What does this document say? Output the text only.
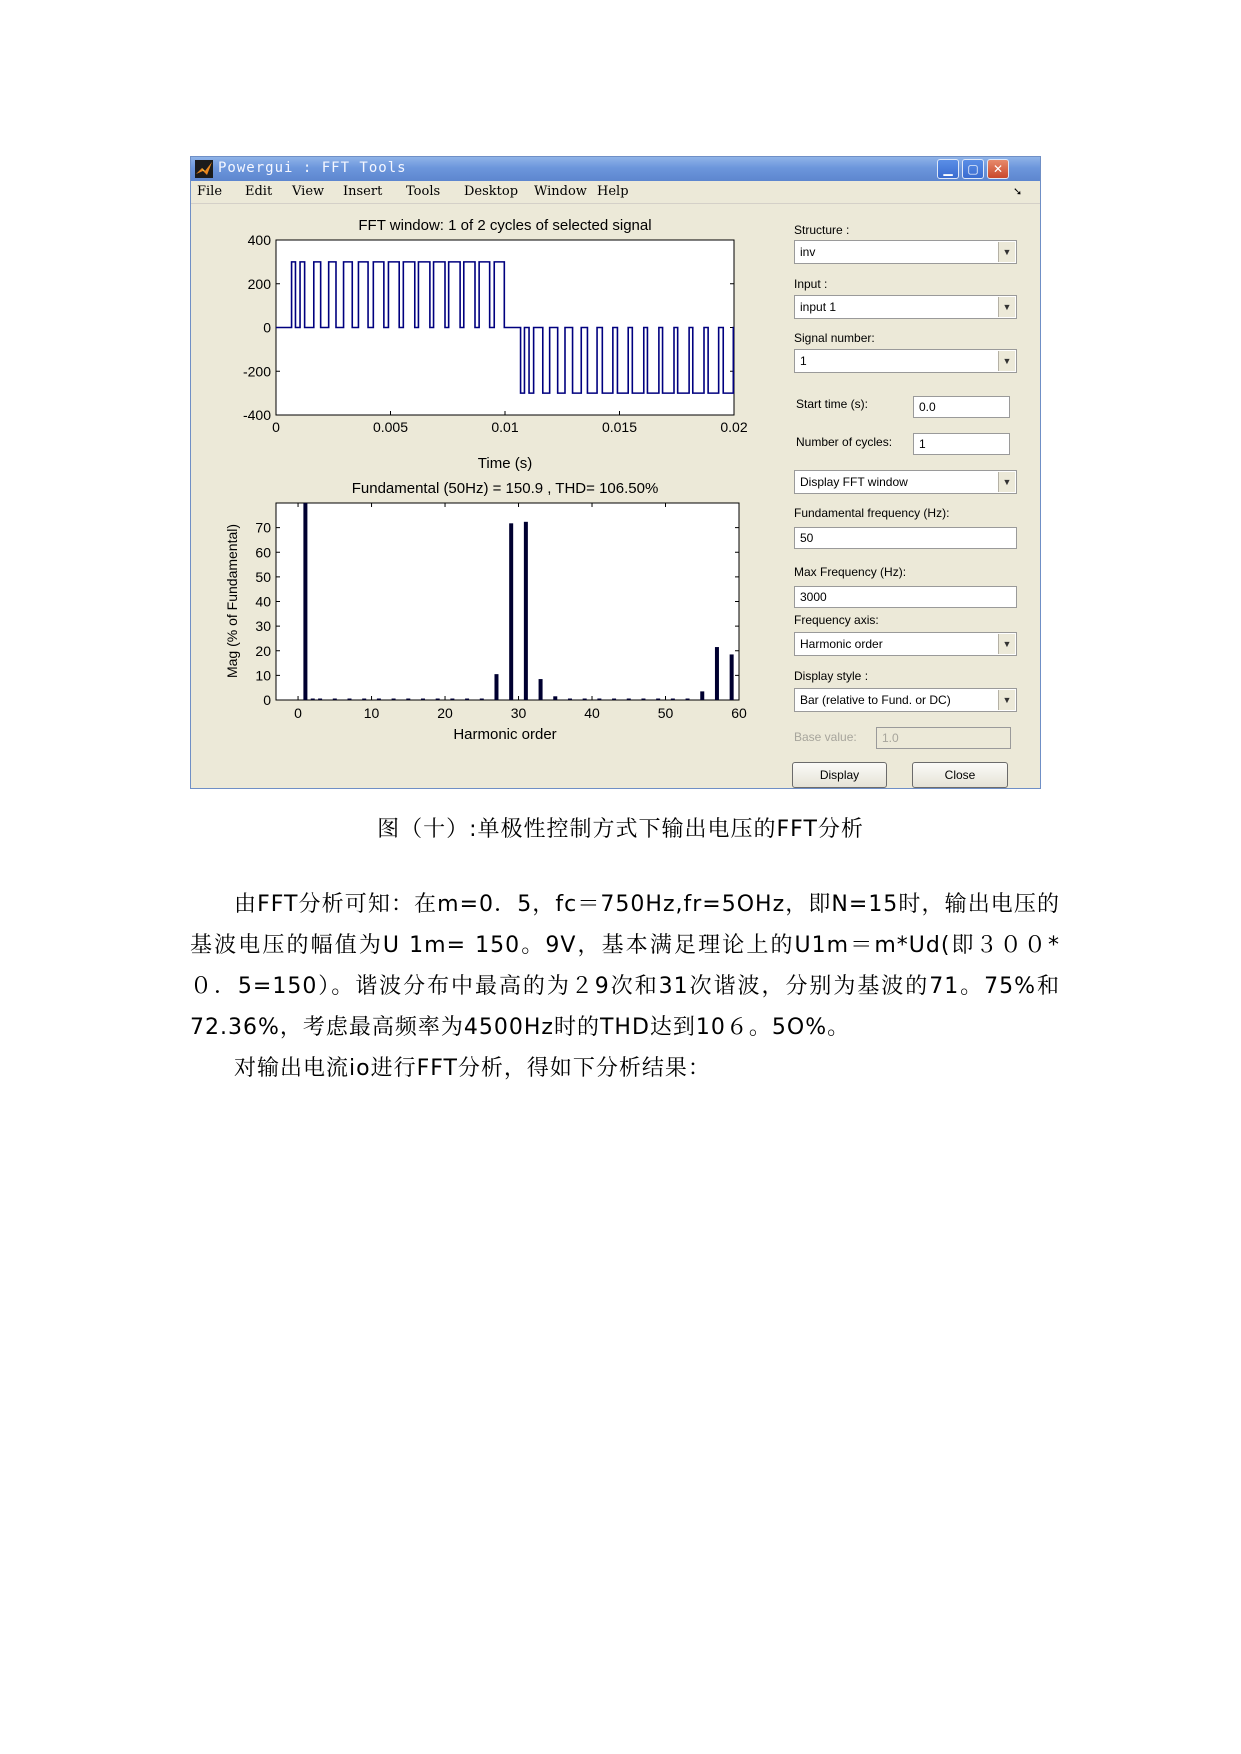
Powergui : FFT Tools	▁	▢	✕
File Edit View Insert Tools Desktop Window Help	➘
FFT window: 1 of 2 cycles of selected signal
0	0.005	0.01	0.015	0.02
400
200
0
-200
-400
Time (s)
Fundamental (50Hz) = 150.9 , THD= 106.50%
0	10	20	30	40	50	60
0
10
20
30
40
50
60
70
Harmonic order
Mag (% of Fundamental)
Structure :
inv	▼
Input :
input 1	▼
Signal number:
1	▼
Start time (s):	0.0
Number of cycles:	1
Display FFT window	▼
Fundamental frequency (Hz):
50
Max Frequency (Hz):
3000
Frequency axis:
Harmonic order	▼
Display style :
Bar (relative to Fund. or DC)	▼
Base value:	1.0
Display	Close
图（十）:单极性控制方式下输出电压的FFT分析

由FFT分析可知：在m=0．5，fc＝750Hz,fr=5OHz，即N=15时，输出电压的基波电压的幅值为U 1m= 150。9V，基本满足理论上的U1m＝m*Ud(即３００*０．5=150）。谐波分布中最高的为２9次和31次谐波，分别为基波的71。75%和72.36%，考虑最高频率为4500Hz时的THD达到10６。5O%。

对输出电流io进行FFT分析，得如下分析结果：
